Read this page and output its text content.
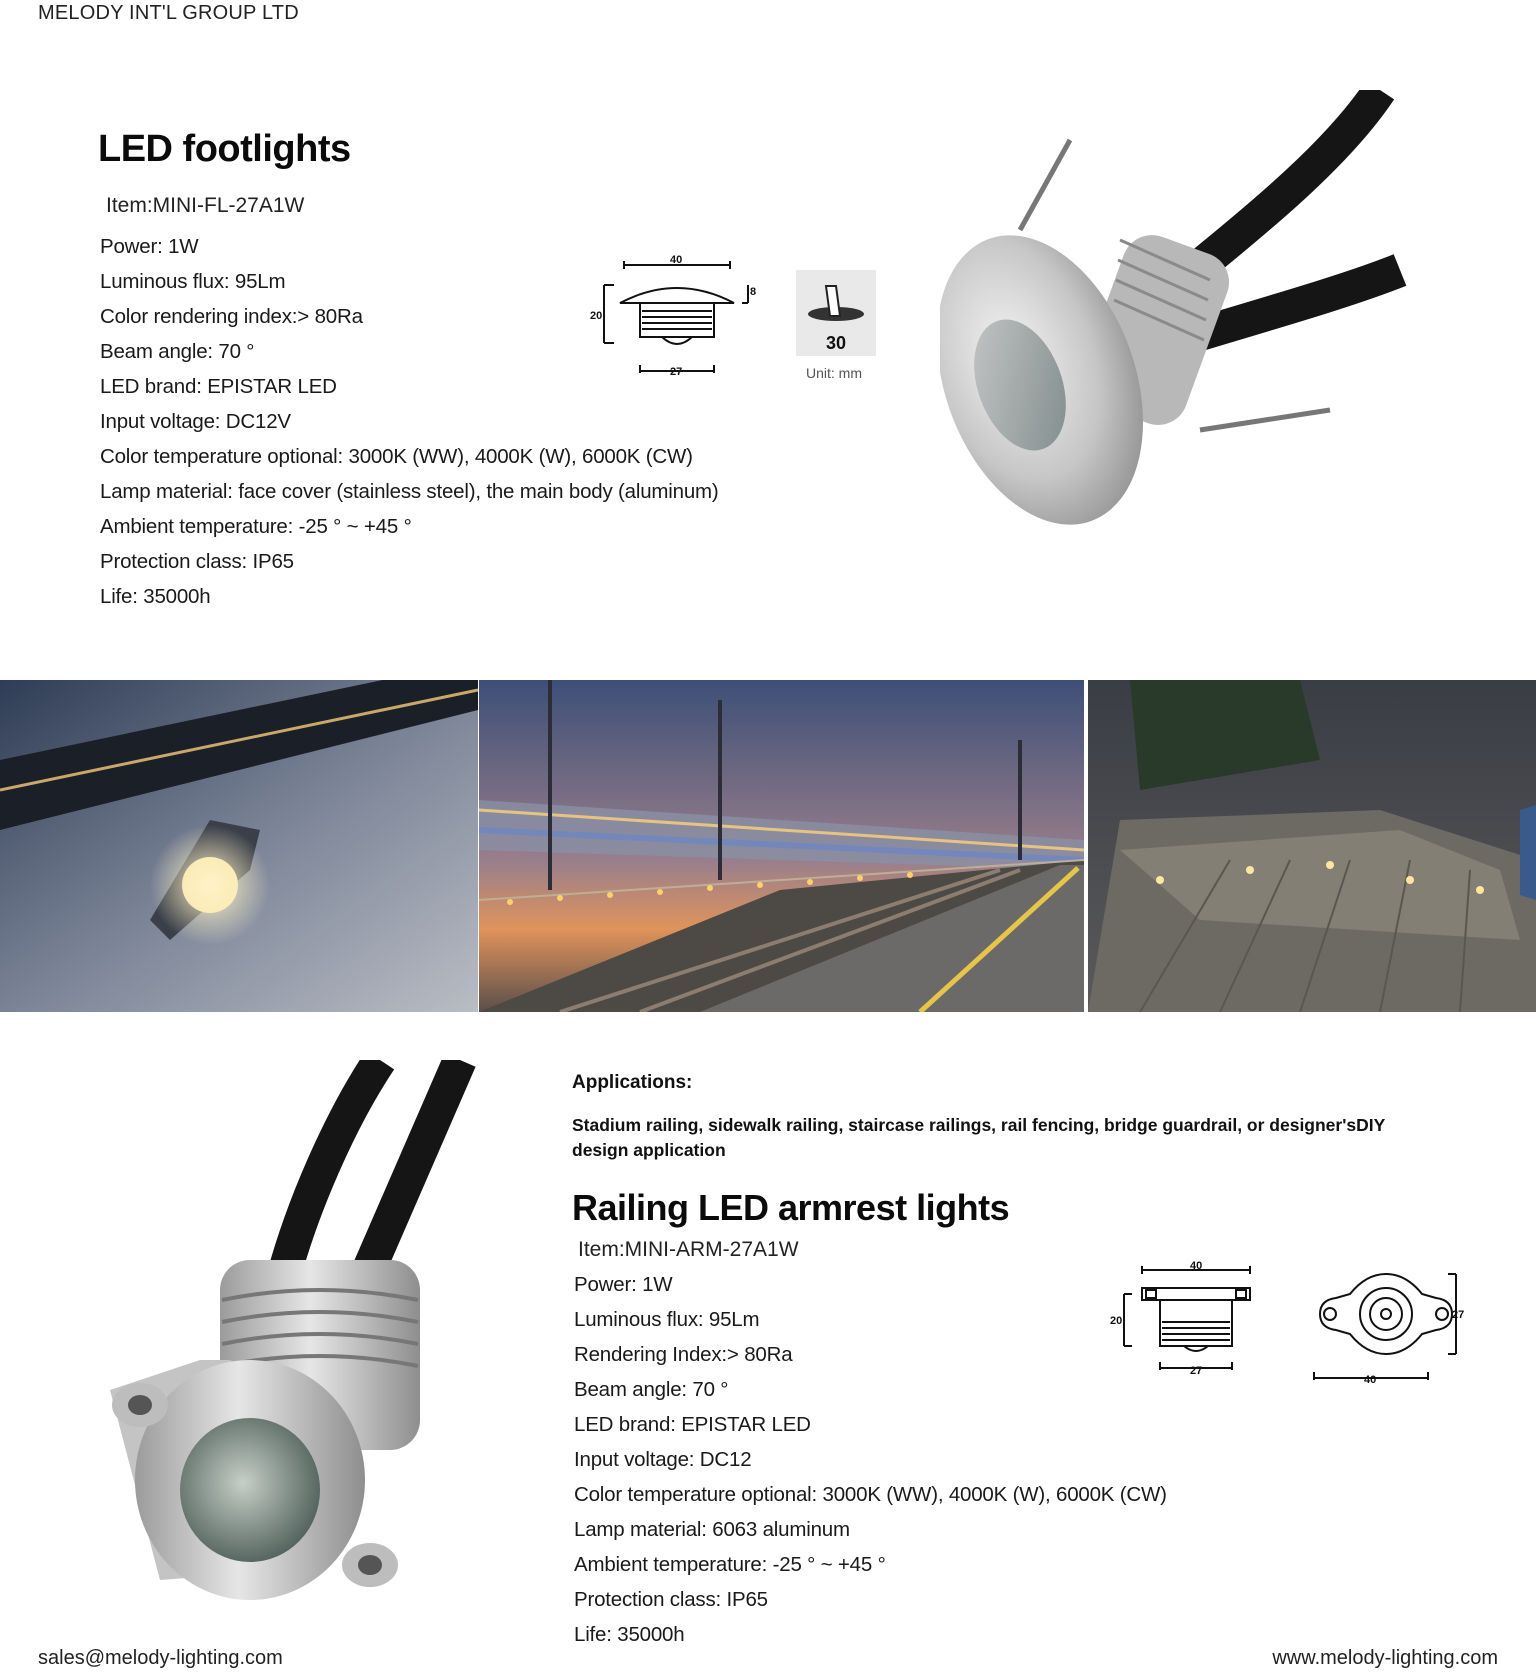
MELODY INT'L GROUP LTD
LED footlights
Item:MINI-FL-27A1W
Power: 1W
Luminous flux: 95Lm
Color rendering index:> 80Ra
Beam angle: 70 °
LED brand: EPISTAR LED
Input voltage: DC12V
Color temperature optional: 3000K (WW), 4000K (W), 6000K (CW)
Lamp material: face cover (stainless steel), the main body (aluminum)
Ambient temperature: -25 ° ~ +45 °
Protection class: IP65
Life: 35000h
40
20
8
27
30
Unit: mm
Applications:
Stadium railing, sidewalk railing, staircase railings, rail fencing, bridge guardrail, or designer'sDIY design application
Railing LED armrest lights
Item:MINI-ARM-27A1W
Power: 1W
Luminous flux: 95Lm
Rendering Index:> 80Ra
Beam angle: 70 °
LED brand: EPISTAR LED
Input voltage: DC12
Color temperature optional: 3000K (WW), 4000K (W), 6000K (CW)
Lamp material: 6063 aluminum
Ambient temperature: -25 ° ~ +45 °
Protection class: IP65
Life: 35000h
40
20
27
27
40
sales@melody-lighting.com	www.melody-lighting.com
